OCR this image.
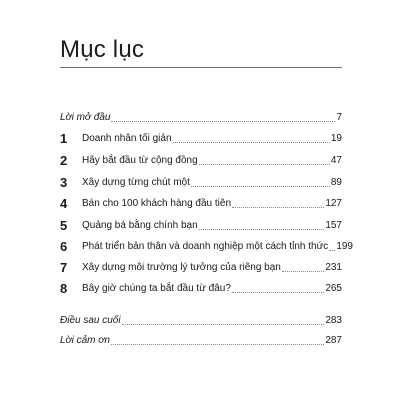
Mục lục
Lời mở đầu	7
1	Doanh nhân tối giản	19
2	Hãy bắt đầu từ cộng đồng	47
3	Xây dựng từng chút một	89
4	Bán cho 100 khách hàng đầu tiên	127
5	Quảng bá bằng chính bạn	157
6	Phát triển bản thân và doanh nghiệp một cách tỉnh thức 199
7	Xây dựng môi trường lý tưởng của riêng bạn	231
8	Bây giờ chúng ta bắt đầu từ đâu?	265
Điều sau cuối	283
Lời cảm ơn	287
